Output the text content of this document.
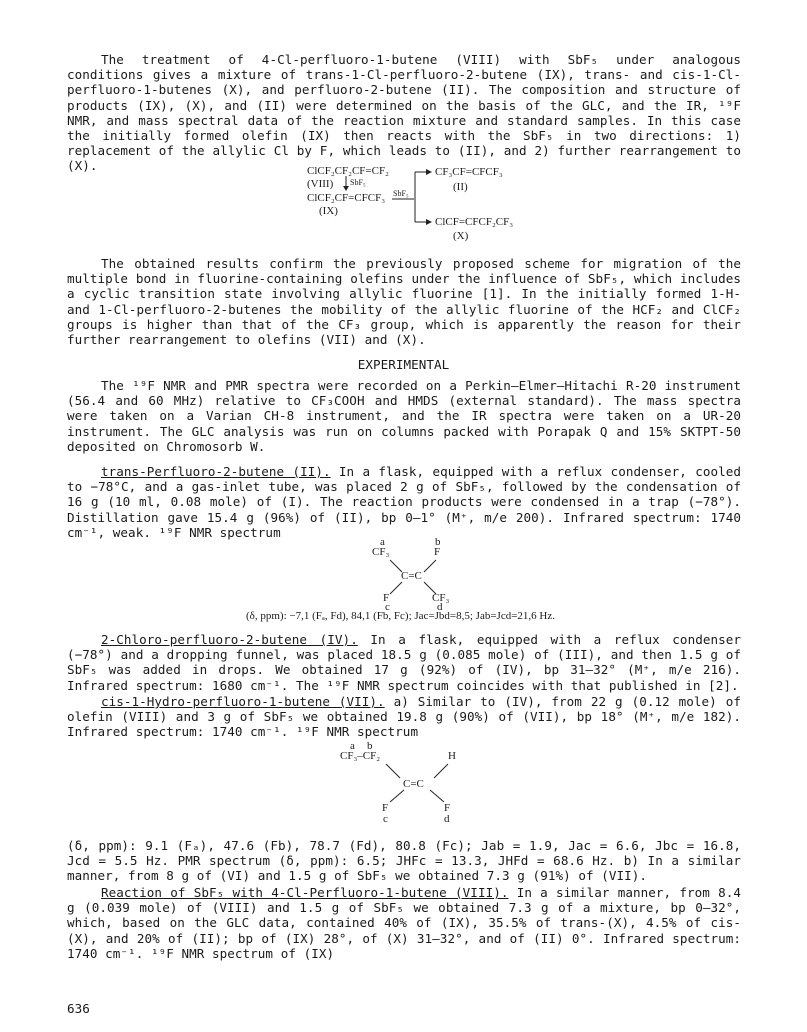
The treatment of 4-Cl-perfluoro-1-butene (VIII) with SbF₅ under analogous conditions gives a mixture of trans-1-Cl-perfluoro-2-butene (IX), trans- and cis-1-Cl-perfluoro-1-butenes (X), and perfluoro-2-butene (II). The composition and structure of products (IX), (X), and (II) were determined on the basis of the GLC, and the IR, ¹⁹F NMR, and mass spectral data of the reaction mixture and standard samples. In this case the initially formed olefin (IX) then reacts with the SbF₅ in two directions: 1) replacement of the allylic Cl by F, which leads to (II), and 2) further rearrangement to (X).	ClCF₂CF₂CF=CF₂
(VIII) SbF₅
ClCF₂CF=CFCF₃ SbF₅
(IX)
CF₃CF=CFCF₃
(II)
ClCF=CFCF₂CF₃
(X)

The obtained results confirm the previously proposed scheme for migration of the multiple bond in fluorine-containing olefins under the influence of SbF₅, which includes a cyclic transition state involving allylic fluorine [1]. In the initially formed 1-H- and 1-Cl-perfluoro-2-butenes the mobility of the allylic fluorine of the HCF₂ and ClCF₂ groups is higher than that of the CF₃ group, which is apparently the reason for their further rearrangement to olefins (VII) and (X).

EXPERIMENTAL

The ¹⁹F NMR and PMR spectra were recorded on a Perkin–Elmer–Hitachi R-20 instrument (56.4 and 60 MHz) relative to CF₃COOH and HMDS (external standard). The mass spectra were taken on a Varian CH-8 instrument, and the IR spectra were taken on a UR-20 instrument. The GLC analysis was run on columns packed with Porapak Q and 15% SKTPT-50 deposited on Chromosorb W.

trans-Perfluoro-2-butene (II). In a flask, equipped with a reflux condenser, cooled to −78°C, and a gas-inlet tube, was placed 2 g of SbF₅, followed by the condensation of 16 g (10 ml, 0.08 mole) of (I). The reaction products were condensed in a trap (−78°). Distillation gave 15.4 g (96%) of (II), bp 0–1° (M⁺, m/e 200). Infrared spectrum: 1740 cm⁻¹, weak. ¹⁹F NMR spectrum

a	b
CF₃	F
C=C
F	CF₃
c	d
(δ, ppm): −7,1 (Fₐ, Fd), 84,1 (Fb, Fc); Jac=Jbd=8,5; Jab=Jcd=21,6 Hz.

2-Chloro-perfluoro-2-butene (IV). In a flask, equipped with a reflux condenser (−78°) and a dropping funnel, was placed 18.5 g (0.085 mole) of (III), and then 1.5 g of SbF₅ was added in drops. We obtained 17 g (92%) of (IV), bp 31–32° (M⁺, m/e 216). Infrared spectrum: 1680 cm⁻¹. The ¹⁹F NMR spectrum coincides with that published in [2].

cis-1-Hydro-perfluoro-1-butene (VII). a) Similar to (IV), from 22 g (0.12 mole) of olefin (VIII) and 3 g of SbF₅ we obtained 19.8 g (90%) of (VII), bp 18° (M⁺, m/e 182). Infrared spectrum: 1740 cm⁻¹. ¹⁹F NMR spectrum

a b
CF₃–CF₂	H
C=C
F	F
c	d

(δ, ppm): 9.1 (Fₐ), 47.6 (Fb), 78.7 (Fd), 80.8 (Fc); Jab = 1.9, Jac = 6.6, Jbc = 16.8, Jcd = 5.5 Hz. PMR spectrum (δ, ppm): 6.5; JHFc = 13.3, JHFd = 68.6 Hz. b) In a similar manner, from 8 g of (VI) and 1.5 g of SbF₅ we obtained 7.3 g (91%) of (VII).

Reaction of SbF₅ with 4-Cl-Perfluoro-1-butene (VIII). In a similar manner, from 8.4 g (0.039 mole) of (VIII) and 1.5 g of SbF₅ we obtained 7.3 g of a mixture, bp 0–32°, which, based on the GLC data, contained 40% of (IX), 35.5% of trans-(X), 4.5% of cis-(X), and 20% of (II); bp of (IX) 28°, of (X) 31–32°, and of (II) 0°. Infrared spectrum: 1740 cm⁻¹. ¹⁹F NMR spectrum of (IX)

636
